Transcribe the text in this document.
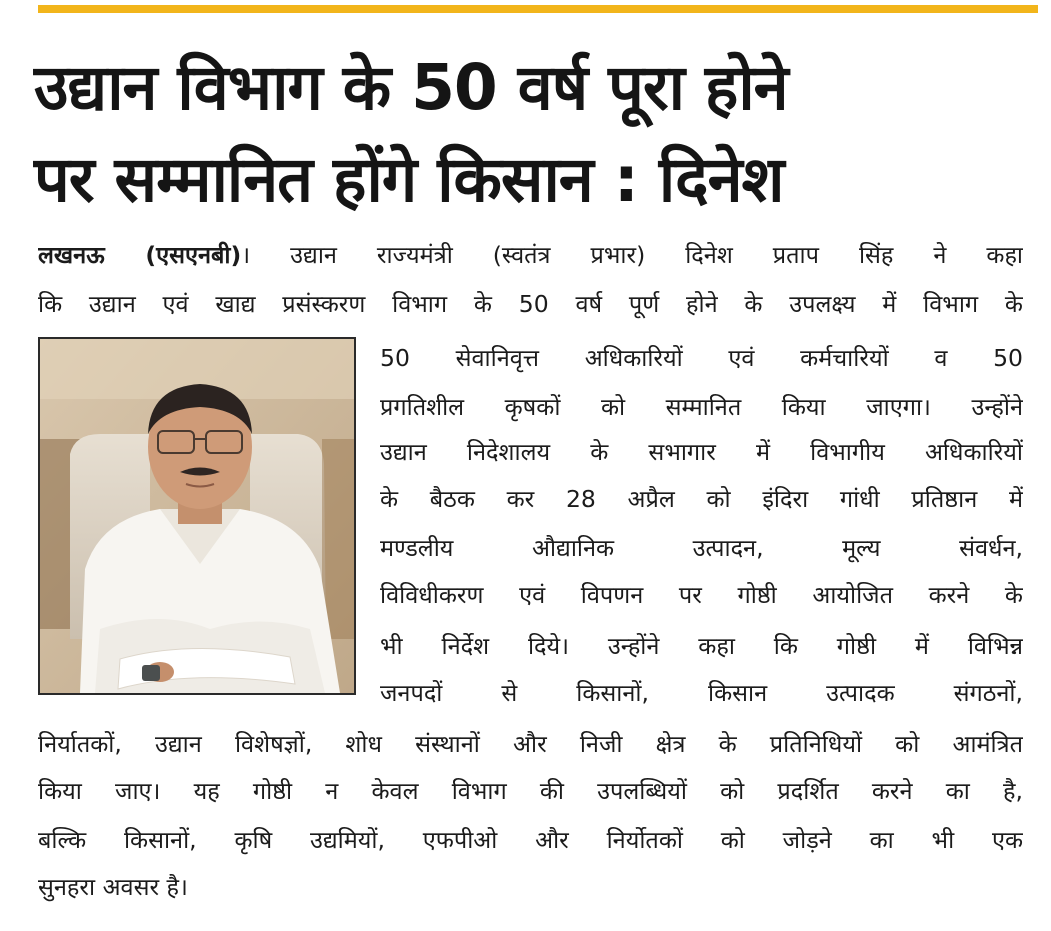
उद्यान विभाग के 50 वर्ष पूरा होने
पर सम्मानित होंगे किसान : दिनेश
लखनऊ (एसएनबी)। उद्यान राज्यमंत्री (स्वतंत्र प्रभार) दिनेश प्रताप सिंह ने कहा
कि उद्यान एवं खाद्य प्रसंस्करण विभाग के 50 वर्ष पूर्ण होने के उपलक्ष्य में विभाग के
50 सेवानिवृत्त अधिकारियों एवं कर्मचारियों व 50
प्रगतिशील कृषकों को सम्मानित किया जाएगा। उन्होंने
उद्यान निदेशालय के सभागार में विभागीय अधिकारियों
के बैठक कर 28 अप्रैल को इंदिरा गांधी प्रतिष्ठान में
मण्डलीय औद्यानिक उत्पादन, मूल्य संवर्धन,
विविधीकरण एवं विपणन पर गोष्ठी आयोजित करने के
भी निर्देश दिये। उन्होंने कहा कि गोष्ठी में विभिन्न
जनपदों से किसानों, किसान उत्पादक संगठनों,
निर्यातकों, उद्यान विशेषज्ञों, शोध संस्थानों और निजी क्षेत्र के प्रतिनिधियों को आमंत्रित
किया जाए। यह गोष्ठी न केवल विभाग की उपलब्धियों को प्रदर्शित करने का है,
बल्कि किसानों, कृषि उद्यमियों, एफपीओ और निर्योतकों को जोड़ने का भी एक
सुनहरा अवसर है।
